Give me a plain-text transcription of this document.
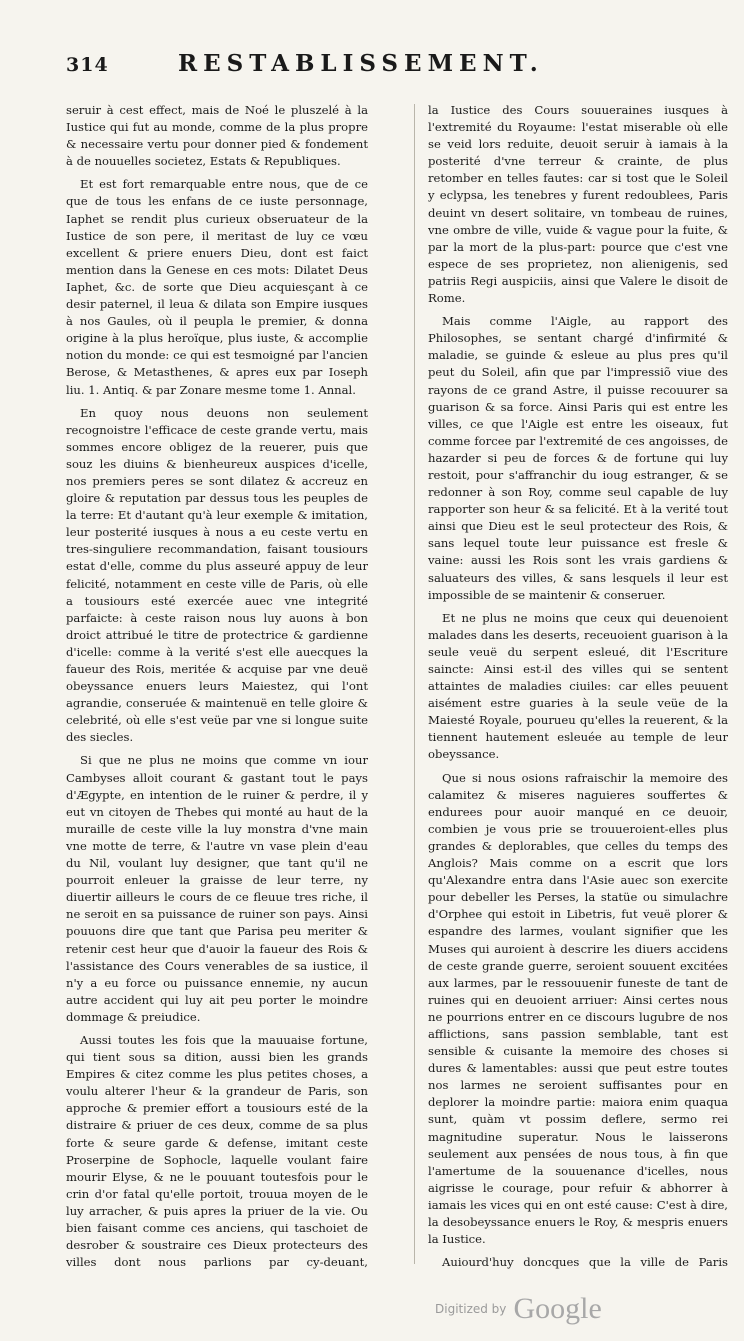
314	RESTABLISSEMENT.

seruir à cest effect, mais de Noé le pluszelé à la Iustice qui fut au monde, comme de la plus propre & necessaire vertu pour donner pied & fondement à de nouuelles societez, Estats & Republiques.

Et est fort remarquable entre nous, que de ce que de tous les enfans de ce iuste personnage, Iaphet se rendit plus curieux obseruateur de la Iustice de son pere, il meritast de luy ce vœu excellent & priere enuers Dieu, dont est faict mention dans la Genese en ces mots: Dilatet Deus Iaphet, &c. de sorte que Dieu acquiesçant à ce desir paternel, il leua & dilata son Empire iusques à nos Gaules, où il peupla le premier, & donna origine à la plus heroïque, plus iuste, & accomplie notion du monde: ce qui est tesmoigné par l'ancien Berose, & Metasthenes, & apres eux par Ioseph liu. 1. Antiq. & par Zonare mesme tome 1. Annal.

En quoy nous deuons non seulement recognoistre l'efficace de ceste grande vertu, mais sommes encore obligez de la reuerer, puis que souz les diuins & bienheureux auspices d'icelle, nos premiers peres se sont dilatez & accreuz en gloire & reputation par dessus tous les peuples de la terre: Et d'autant qu'à leur exemple & imitation, leur posterité iusques à nous a eu ceste vertu en tres-singuliere recommandation, faisant tousiours estat d'elle, comme du plus asseuré appuy de leur felicité, notamment en ceste ville de Paris, où elle a tousiours esté exercée auec vne integrité parfaicte: à ceste raison nous luy auons à bon droict attribué le titre de protectrice & gardienne d'icelle: comme à la verité s'est elle auecques la faueur des Rois, meritée & acquise par vne deuë obeyssance enuers leurs Maiestez, qui l'ont agrandie, conseruée & maintenuë en telle gloire & celebrité, où elle s'est veüe par vne si longue suite des siecles.

Si que ne plus ne moins que comme vn iour Cambyses alloit courant & gastant tout le pays d'Ægypte, en intention de le ruiner & perdre, il y eut vn citoyen de Thebes qui monté au haut de la muraille de ceste ville la luy monstra d'vne main vne motte de terre, & l'autre vn vase plein d'eau du Nil, voulant luy designer, que tant qu'il ne pourroit enleuer la graisse de leur terre, ny diuertir ailleurs le cours de ce fleuue tres riche, il ne seroit en sa puissance de ruiner son pays. Ainsi pouuons dire que tant que Parisa peu meriter & retenir cest heur que d'auoir la faueur des Rois & l'assistance des Cours venerables de sa iustice, il n'y a eu force ou puissance ennemie, ny aucun autre accident qui luy ait peu porter le moindre dommage & preiudice.

Aussi toutes les fois que la mauuaise fortune, qui tient sous sa dition, aussi bien les grands Empires & citez comme les plus petites choses, a voulu alterer l'heur & la grandeur de Paris, son approche & premier effort a tousiours esté de la distraire & priuer de ces deux, comme de sa plus forte & seure garde & defense, imitant ceste Proserpine de Sophocle, laquelle voulant faire mourir Elyse, & ne le pouuant toutesfois pour le crin d'or fatal qu'elle portoit, trouua moyen de le luy arracher, & puis apres la priuer de la vie. Ou bien faisant comme ces anciens, qui taschoiet de desrober & soustraire ces Dieux protecteurs des villes dont nous parlions par cy-deuant,

la Iustice des Cours souueraines iusques à l'extremité du Royaume: l'estat miserable où elle se veid lors reduite, deuoit seruir à iamais à la posterité d'vne terreur & crainte, de plus retomber en telles fautes: car si tost que le Soleil y eclypsa, les tenebres y furent redoublees, Paris deuint vn desert solitaire, vn tombeau de ruines, vne ombre de ville, vuide & vague pour la fuite, & par la mort de la plus-part: pource que c'est vne espece de ses proprietez, non alienigenis, sed patriis Regi auspiciis, ainsi que Valere le disoit de Rome.

Mais comme l'Aigle, au rapport des Philosophes, se sentant chargé d'infirmité & maladie, se guinde & esleue au plus pres qu'il peut du Soleil, afin que par l'impressiõ viue des rayons de ce grand Astre, il puisse recouurer sa guarison & sa force. Ainsi Paris qui est entre les villes, ce que l'Aigle est entre les oiseaux, fut comme forcee par l'extremité de ces angoisses, de hazarder si peu de forces & de fortune qui luy restoit, pour s'affranchir du ioug estranger, & se redonner à son Roy, comme seul capable de luy rapporter son heur & sa felicité. Et à la verité tout ainsi que Dieu est le seul protecteur des Rois, & sans lequel toute leur puissance est fresle & vaine: aussi les Rois sont les vrais gardiens & saluateurs des villes, & sans lesquels il leur est impossible de se maintenir & conseruer.

Et ne plus ne moins que ceux qui deuenoient malades dans les deserts, receuoient guarison à la seule veuë du serpent esleué, dit l'Escriture saincte: Ainsi est-il des villes qui se sentent attaintes de maladies ciuiles: car elles peuuent aisément estre guaries à la seule veüe de la Maiesté Royale, pourueu qu'elles la reuerent, & la tiennent hautement esleuée au temple de leur obeyssance.

Que si nous osions rafraischir la memoire des calamitez & miseres naguieres souffertes & endurees pour auoir manqué en ce deuoir, combien je vous prie se trouueroient-elles plus grandes & deplorables, que celles du temps des Anglois? Mais comme on a escrit que lors qu'Alexandre entra dans l'Asie auec son exercite pour debeller les Perses, la statüe ou simulachre d'Orphee qui estoit in Libetris, fut veuë plorer & espandre des larmes, voulant signifier que les Muses qui auroient à descrire les diuers accidens de ceste grande guerre, seroient souuent excitées aux larmes, par le ressouuenir funeste de tant de ruines qui en deuoient arriuer: Ainsi certes nous ne pourrions entrer en ce discours lugubre de nos afflictions, sans passion semblable, tant est sensible & cuisante la memoire des choses si dures & lamentables: aussi que peut estre toutes nos larmes ne seroient suffisantes pour en deplorer la moindre partie: maiora enim quaqua sunt, quàm vt possim deflere, sermo rei magnitudine superatur. Nous le laisserons seulement aux pensées de nous tous, à fin que l'amertume de la souuenance d'icelles, nous aigrisse le courage, pour refuir & abhorrer à iamais les vices qui en ont esté cause: C'est à dire, la desobeyssance enuers le Roy, & mespris enuers la Iustice.

Auiourd'huy doncques que la ville de Paris

Digitized by Google
